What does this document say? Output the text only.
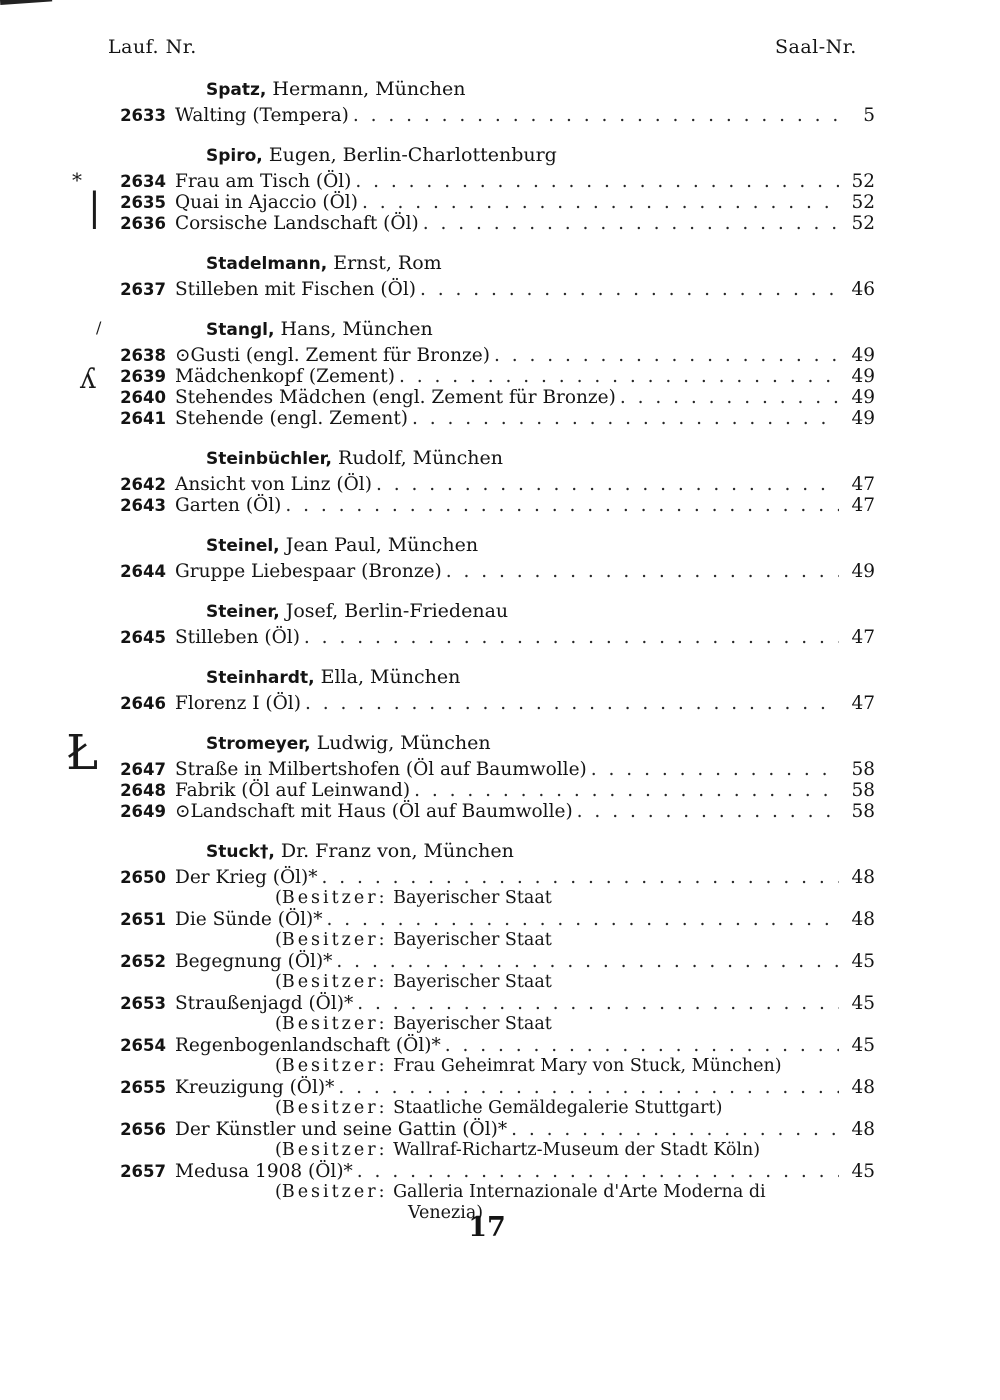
Lauf. Nr.	Saal-Nr.
Spatz, Hermann, München
2633 Walting (Tempera) . . .	5
Spiro, Eugen, Berlin-Charlottenburg
2634 Frau am Tisch (Öl) . . .	52
2635 Quai in Ajaccio (Öl) . . .	52
2636 Corsische Landschaft (Öl) . . .	52
Stadelmann, Ernst, Rom
2637 Stilleben mit Fischen (Öl) . . .	46
Stangl, Hans, München
2638 ⊙Gusti (engl. Zement für Bronze) . . .	49
2639 Mädchenkopf (Zement) . . .	49
2640 Stehendes Mädchen (engl. Zement für Bronze) . . .	49
2641 Stehende (engl. Zement) . . .	49
Steinbüchler, Rudolf, München
2642 Ansicht von Linz (Öl) . . .	47
2643 Garten (Öl) . . .	47
Steinel, Jean Paul, München
2644 Gruppe Liebespaar (Bronze) . . .	49
Steiner, Josef, Berlin-Friedenau
2645 Stilleben (Öl) . . .	47
Steinhardt, Ella, München
2646 Florenz I (Öl) . . .	47
Stromeyer, Ludwig, München
2647 Straße in Milbertshofen (Öl auf Baumwolle) . . .	58
2648 Fabrik (Öl auf Leinwand) . . .	58
2649 ⊙Landschaft mit Haus (Öl auf Baumwolle) . . .	58
Stuck†, Dr. Franz von, München
2650 Der Krieg (Öl)* . . .	48
(Besitzer: Bayerischer Staat
2651 Die Sünde (Öl)* . . .	48
(Besitzer: Bayerischer Staat
2652 Begegnung (Öl)* . . .	45
(Besitzer: Bayerischer Staat
2653 Straußenjagd (Öl)* . . .	45
(Besitzer: Bayerischer Staat
2654 Regenbogenlandschaft (Öl)* . . .	45
(Besitzer: Frau Geheimrat Mary von Stuck, München)
2655 Kreuzigung (Öl)* . . .	48
(Besitzer: Staatliche Gemäldegalerie Stuttgart)
2656 Der Künstler und seine Gattin (Öl)* . . .	48
(Besitzer: Wallraf-Richartz-Museum der Stadt Köln)
2657 Medusa 1908 (Öl)* . . .	45
(Besitzer: Galleria Internazionale d'Arte Moderna di
Venezia)
*
|
/
ʎ
Ł
17
